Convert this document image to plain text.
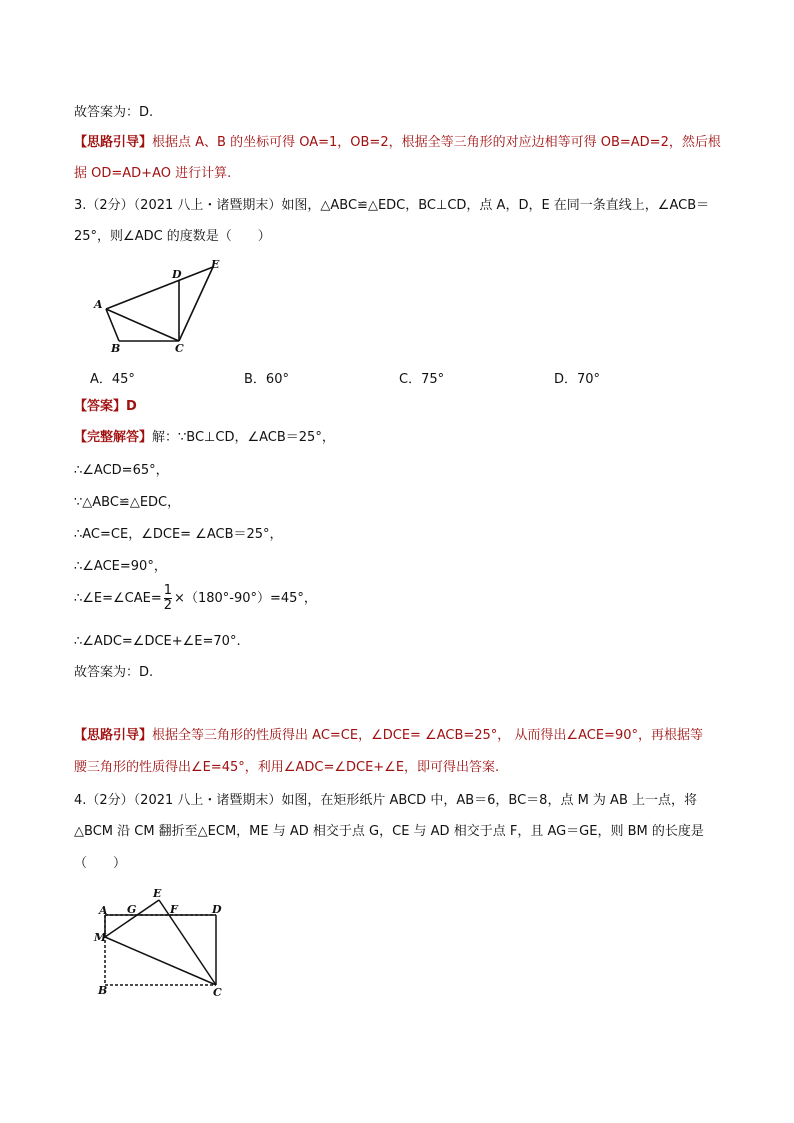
故答案为：D.
【思路引导】根据点 A、B 的坐标可得 OA=1，OB=2，根据全等三角形的对应边相等可得 OB=AD=2，然后根
据 OD=AD+AO 进行计算.
3.（2分）（2021 八上・诸暨期末）如图，△ABC≌△EDC，BC⊥CD，点 A，D，E 在同一条直线上，∠ACB＝
25°，则∠ADC 的度数是（　　）
A
B	C
D
E
A．45°	B．60°	C．75°	D．70°
【答案】D
【完整解答】解：∵BC⊥CD，∠ACB＝25°，
∴∠ACD=65°，
∵△ABC≌△EDC，
∴AC=CE，∠DCE= ∠ACB＝25°，
∴∠ACE=90°，
∴∠E=∠CAE= $\frac{1}{2} \times(180^\circ-90^\circ)=45^\circ$，
∴∠ADC=∠DCE+∠E=70°.
故答案为：D.
【思路引导】根据全等三角形的性质得出 AC=CE，∠DCE= ∠ACB=25°， 从而得出∠ACE=90°，再根据等
腰三角形的性质得出∠E=45°，利用∠ADC=∠DCE+∠E，即可得出答案.
4.（2分）（2021 八上・诸暨期末）如图，在矩形纸片 ABCD 中，AB＝6，BC＝8，点 M 为 AB 上一点，将
△BCM 沿 CM 翻折至△ECM，ME 与 AD 相交于点 G，CE 与 AD 相交于点 F，且 AG＝GE，则 BM 的长度是
（　　）
A
M
B	C
D
E
F
G
